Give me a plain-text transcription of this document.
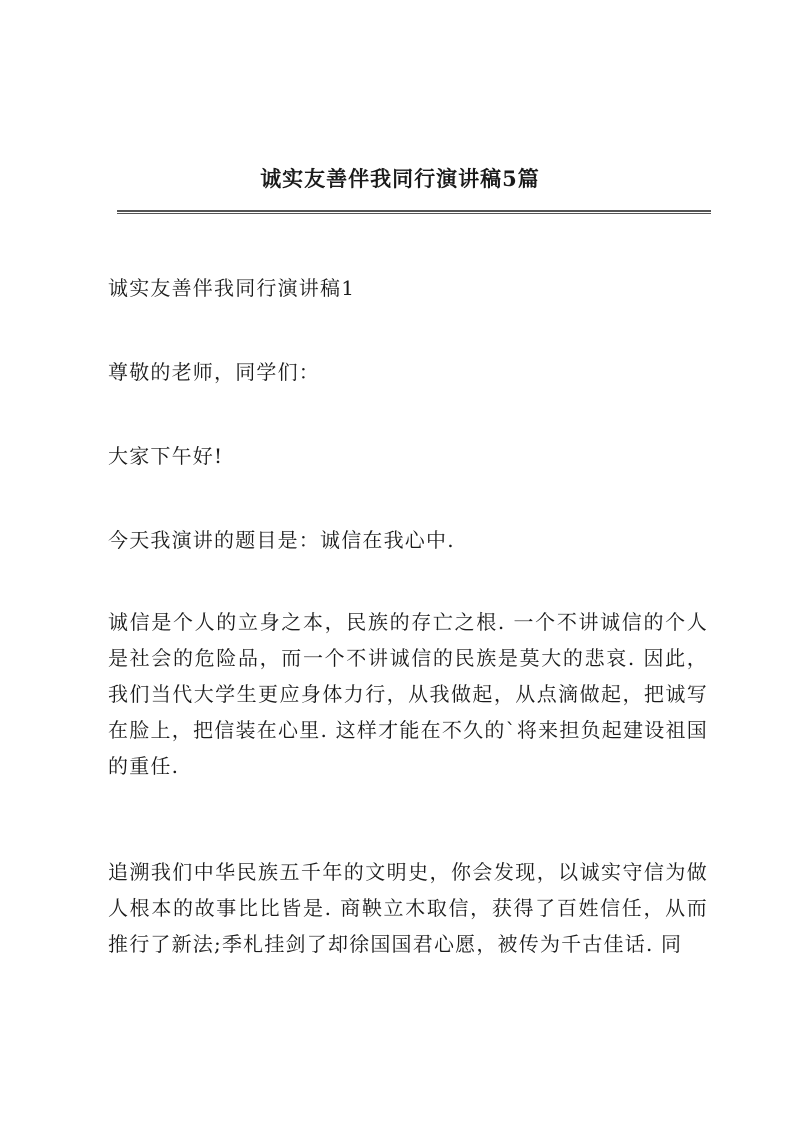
诚实友善伴我同行演讲稿5篇

诚实友善伴我同行演讲稿1

尊敬的老师，同学们：

大家下午好!

今天我演讲的题目是：诚信在我心中.

诚信是个人的立身之本，民族的存亡之根. 一个不讲诚信的个人是社会的危险品，而一个不讲诚信的民族是莫大的悲哀. 因此，我们当代大学生更应身体力行，从我做起，从点滴做起，把诚写在脸上，把信装在心里. 这样才能在不久的`将来担负起建设祖国的重任.

追溯我们中华民族五千年的文明史，你会发现，以诚实守信为做人根本的故事比比皆是. 商鞅立木取信，获得了百姓信任，从而推行了新法;季札挂剑了却徐国国君心愿，被传为千古佳话. 同
